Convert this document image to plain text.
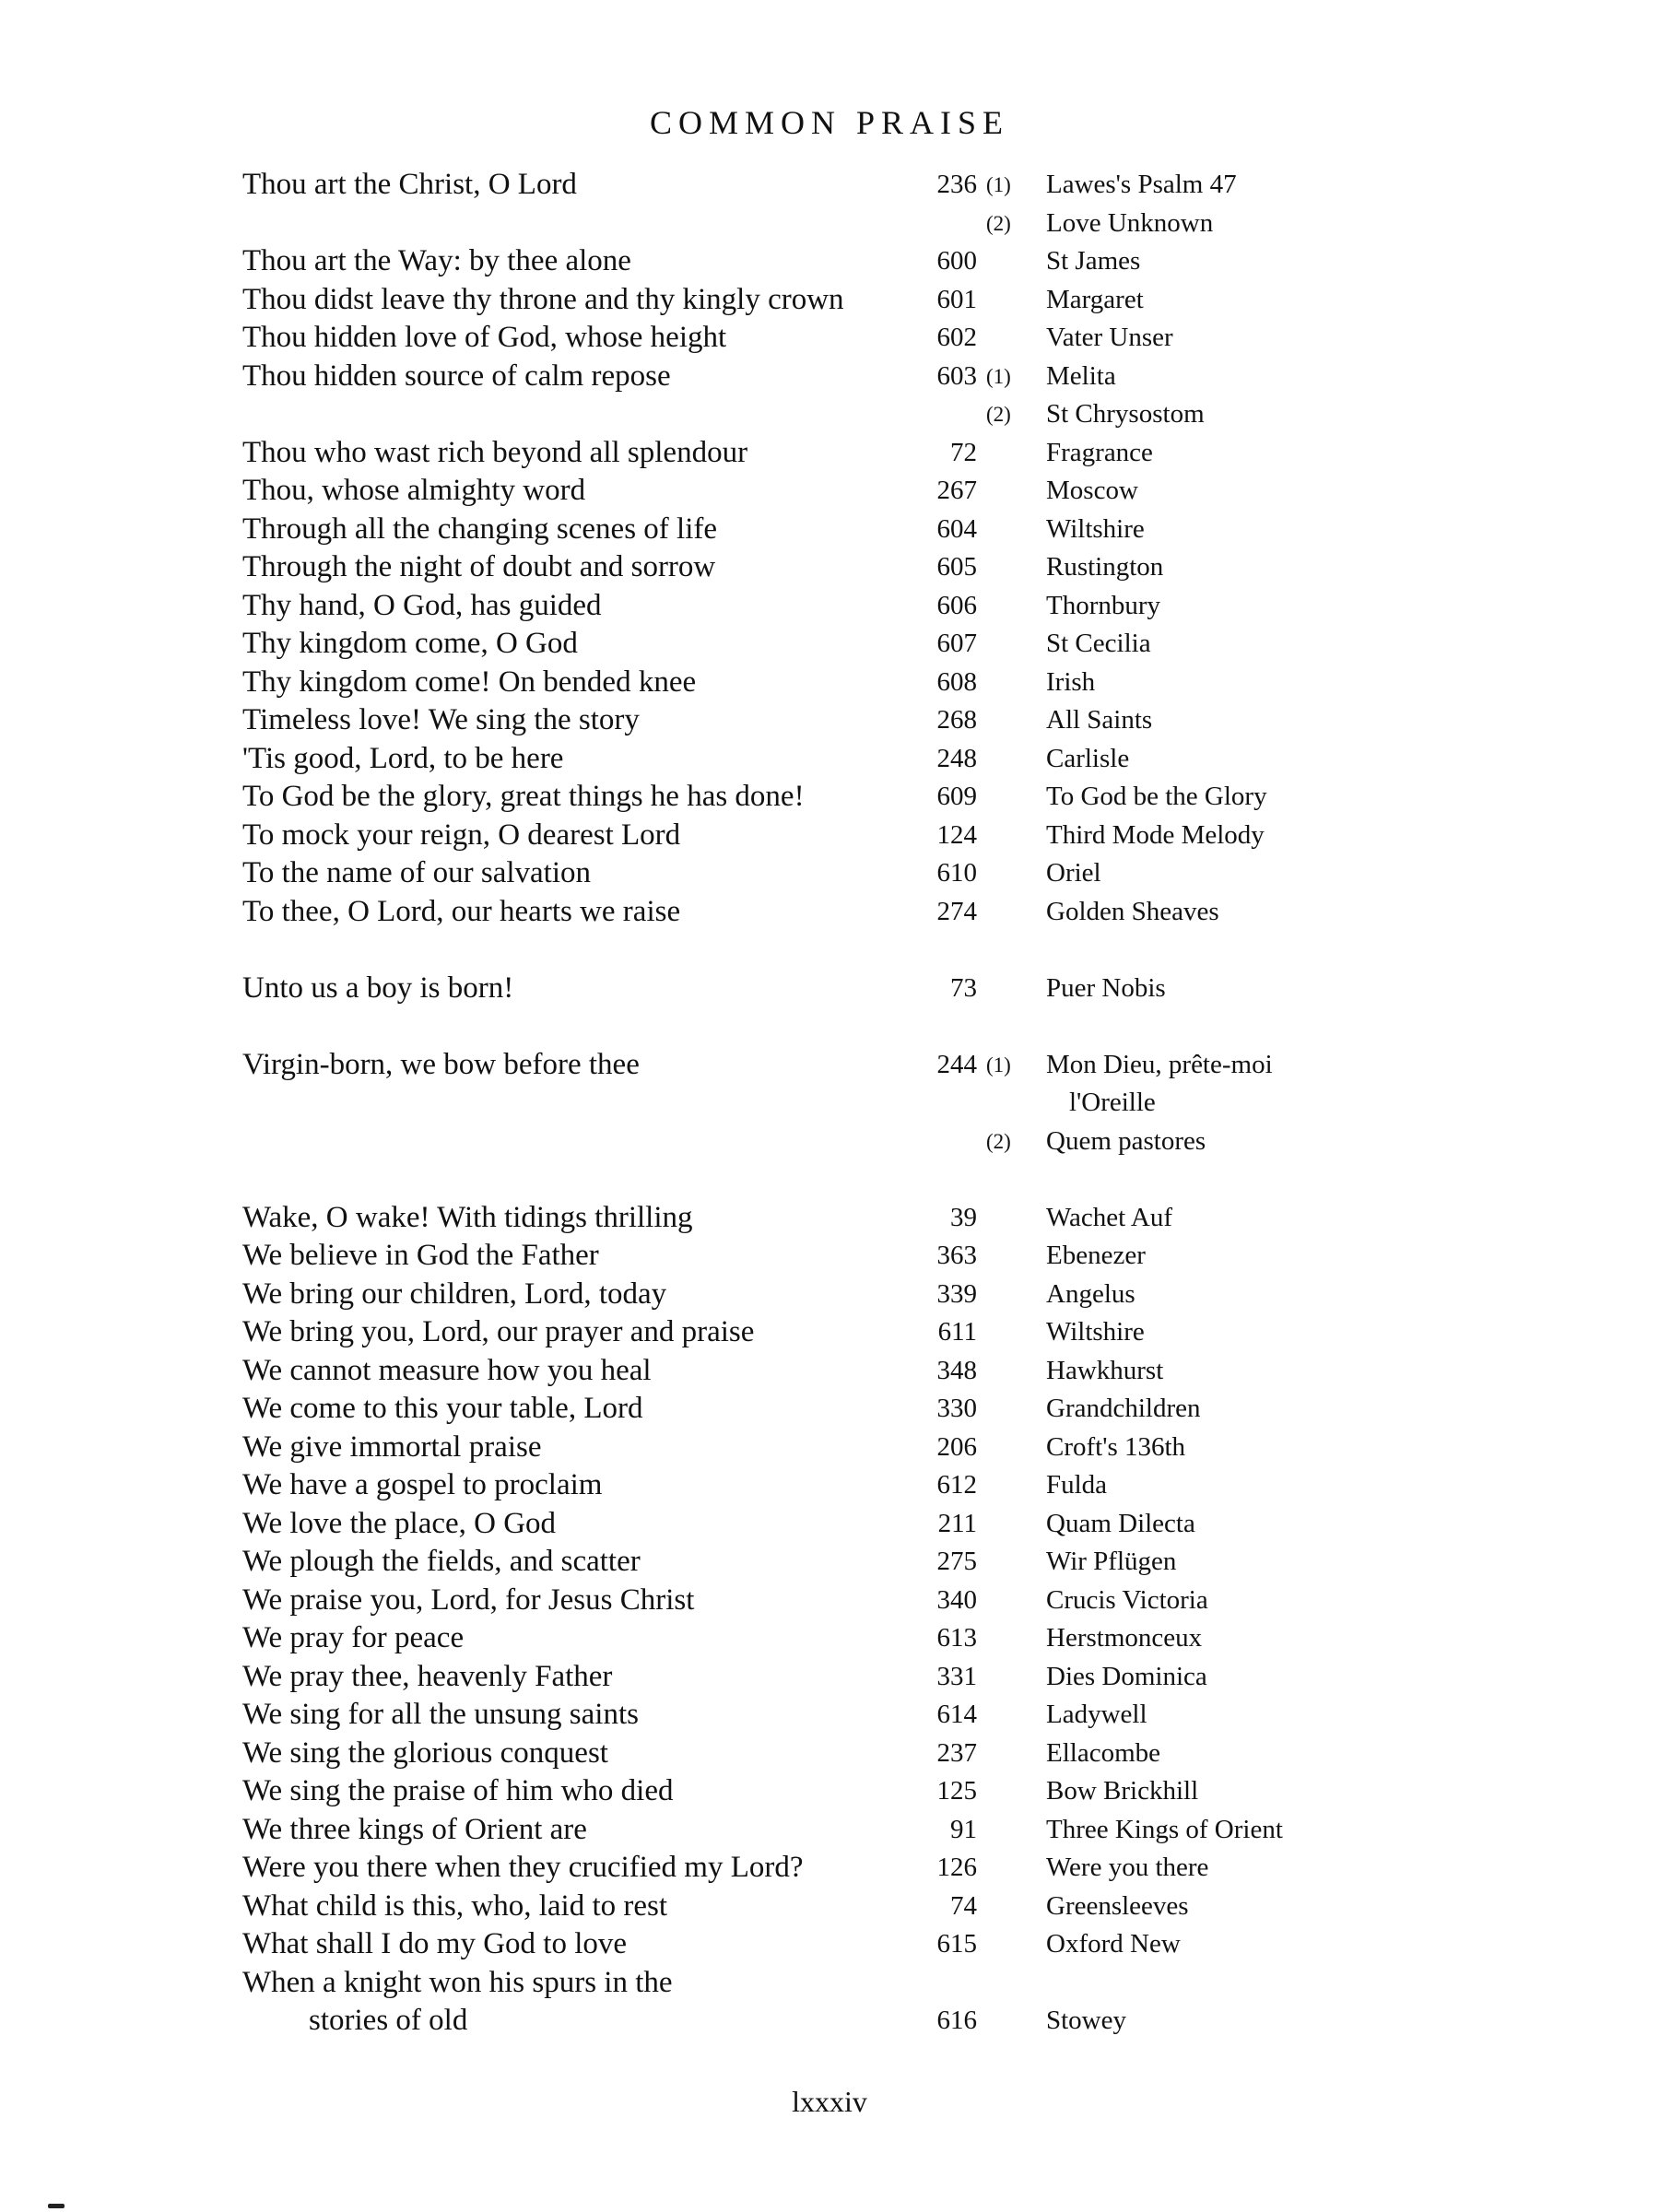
COMMON PRAISE
Thou art the Christ, O Lord	236 (1) Lawes's Psalm 47
(2) Love Unknown
Thou art the Way: by thee alone	600	St James
Thou didst leave thy throne and thy kingly crown	601	Margaret
Thou hidden love of God, whose height	602	Vater Unser
Thou hidden source of calm repose	603 (1) Melita
(2) St Chrysostom
Thou who wast rich beyond all splendour	72	Fragrance
Thou, whose almighty word	267	Moscow
Through all the changing scenes of life	604	Wiltshire
Through the night of doubt and sorrow	605	Rustington
Thy hand, O God, has guided	606	Thornbury
Thy kingdom come, O God	607	St Cecilia
Thy kingdom come! On bended knee	608	Irish
Timeless love! We sing the story	268	All Saints
'Tis good, Lord, to be here	248	Carlisle
To God be the glory, great things he has done!	609	To God be the Glory
To mock your reign, O dearest Lord	124	Third Mode Melody
To the name of our salvation	610	Oriel
To thee, O Lord, our hearts we raise	274	Golden Sheaves
Unto us a boy is born!	73	Puer Nobis
Virgin-born, we bow before thee	244 (1) Mon Dieu, prête-moi
l'Oreille
(2) Quem pastores
Wake, O wake! With tidings thrilling	39	Wachet Auf
We believe in God the Father	363	Ebenezer
We bring our children, Lord, today	339	Angelus
We bring you, Lord, our prayer and praise	611	Wiltshire
We cannot measure how you heal	348	Hawkhurst
We come to this your table, Lord	330	Grandchildren
We give immortal praise	206	Croft's 136th
We have a gospel to proclaim	612	Fulda
We love the place, O God	211	Quam Dilecta
We plough the fields, and scatter	275	Wir Pflügen
We praise you, Lord, for Jesus Christ	340	Crucis Victoria
We pray for peace	613	Herstmonceux
We pray thee, heavenly Father	331	Dies Dominica
We sing for all the unsung saints	614	Ladywell
We sing the glorious conquest	237	Ellacombe
We sing the praise of him who died	125	Bow Brickhill
We three kings of Orient are	91	Three Kings of Orient
Were you there when they crucified my Lord?	126	Were you there
What child is this, who, laid to rest	74	Greensleeves
What shall I do my God to love	615	Oxford New
When a knight won his spurs in the
stories of old	616	Stowey
lxxxiv
